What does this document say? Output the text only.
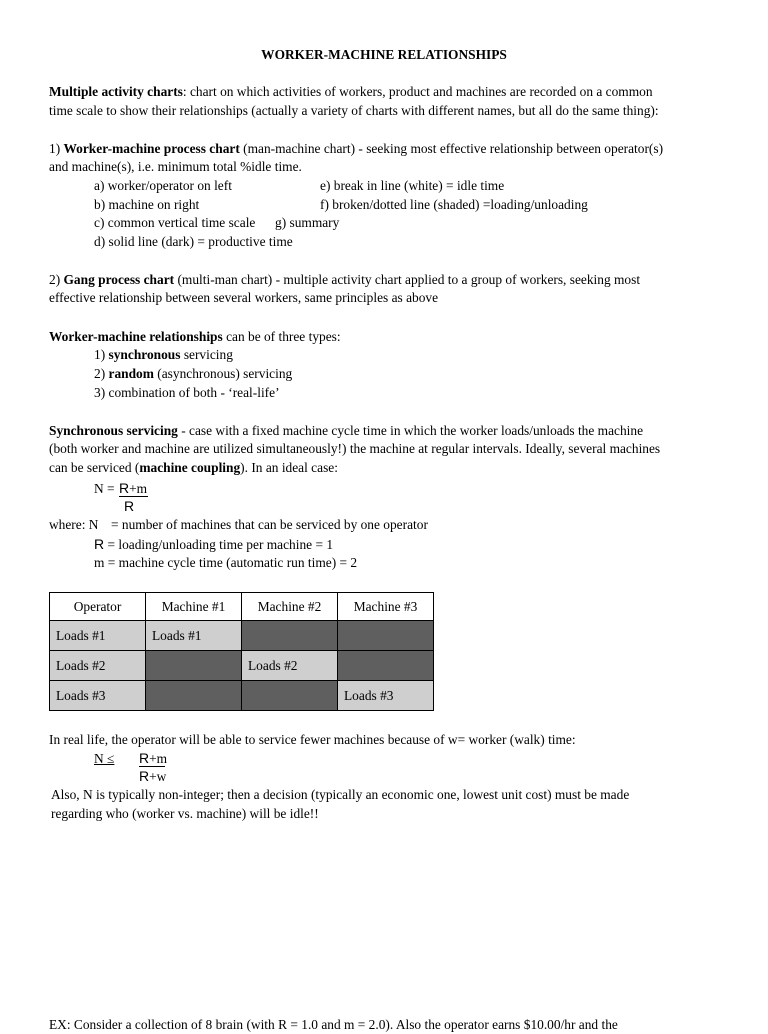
WORKER-MACHINE RELATIONSHIPS
Multiple activity charts: chart on which activities of workers, product and machines are recorded on a common
time scale to show their relationships (actually a variety of charts with different names, but all do the same thing):
1) Worker-machine process chart (man-machine chart) - seeking most effective relationship between operator(s)
and machine(s), i.e. minimum total %idle time.
a) worker/operator on left	e) break in line (white) = idle time
b) machine on right	f) broken/dotted line (shaded) =loading/unloading
c) common vertical time scale g) summary
d) solid line (dark) = productive time
2) Gang process chart (multi-man chart) - multiple activity chart applied to a group of workers, seeking most
effective relationship between several workers, same principles as above
Worker-machine relationships can be of three types:
1) synchronous servicing
2) random (asynchronous) servicing
3) combination of both - ‘real-life’
Synchronous servicing - case with a fixed machine cycle time in which the worker loads/unloads the machine
(both worker and machine are utilized simultaneously!) the machine at regular intervals. Ideally, several machines
can be serviced (machine coupling). In an ideal case:
N = R+m
R
where: N = number of machines that can be serviced by one operator
R = loading/unloading time per machine = 1
m = machine cycle time (automatic run time) = 2
Operator	Machine #1	Machine #2	Machine #3
Loads #1	Loads #1		
Loads #2		Loads #2	
Loads #3			Loads #3
In real life, the operator will be able to service fewer machines because of w= worker (walk) time:
N ≤ R+m
R+w
Also, N is typically non-integer; then a decision (typically an economic one, lowest unit cost) must be made
regarding who (worker vs. machine) will be idle!!
EX: Consider a collection of 8 brain (with R = 1.0 and m = 2.0). Also the operator earns $10.00/hr and the
